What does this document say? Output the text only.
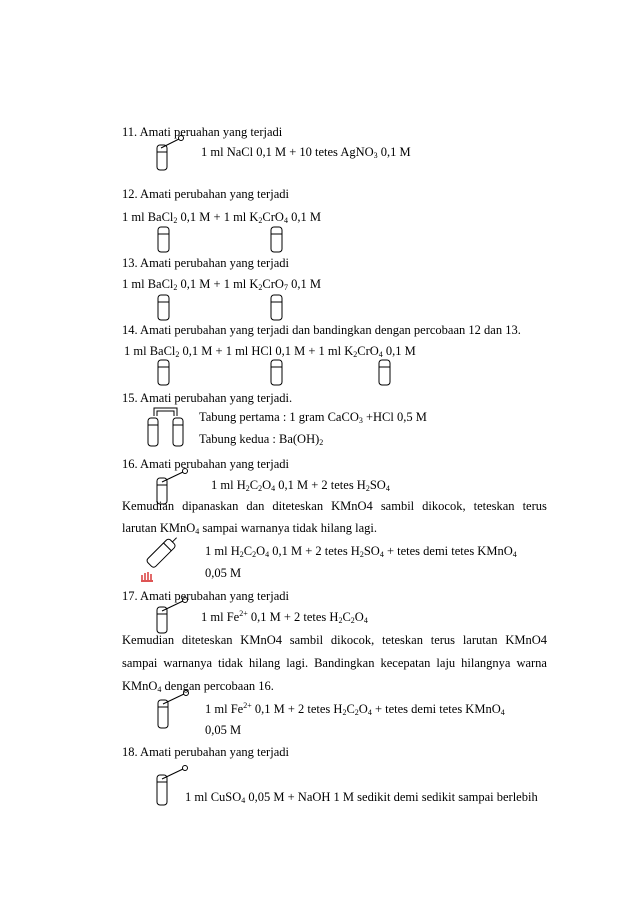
11. Amati peruahan yang terjadi
1 ml NaCl 0,1 M + 10 tetes AgNO$_3$ 0,1 M
12. Amati perubahan yang terjadi
1 ml BaCl$_2$ 0,1 M + 1 ml $K_2CrO_4$ 0,1 M
13. Amati perubahan yang terjadi
1 ml BaCl$_2$ 0,1 M + 1 ml $K_2CrO_7$ 0,1 M
14. Amati perubahan yang terjadi dan bandingkan dengan percobaan 12 dan 13.
1 ml BaCl$_2$ 0,1 M + 1 ml HCl 0,1 M + 1 ml $K_2CrO_4$ 0,1 M
15. Amati perubahan yang terjadi.
Tabung pertama : 1 gram CaCO$_3$ +HCl 0,5 M
Tabung kedua : $Ba(OH)_2$
16. Amati perubahan yang terjadi
1 ml $H_2C_2O_4$ 0,1 M + 2 tetes $H_2SO_4$
Kemudian dipanaskan dan diteteskan KMnO4 sambil dikocok, teteskan terus
larutan KMnO$_4$ sampai warnanya tidak hilang lagi.
1 ml $H_2C_2O_4$ 0,1 M + 2 tetes $H_2SO_4$ + tetes demi tetes KMnO$_4$
0,05 M
17. Amati perubahan yang terjadi
1 ml $Fe^{2+}$ 0,1 M + 2 tetes $H_2C_2O_4$
Kemudian diteteskan KMnO4 sambil dikocok, teteskan terus larutan KMnO4
sampai warnanya tidak hilang lagi. Bandingkan kecepatan laju hilangnya warna
KMnO$_4$ dengan percobaan 16.
1 ml $Fe^{2+}$ 0,1 M + 2 tetes $H_2C_2O_4$ + tetes demi tetes KMnO$_4$
0,05 M
18. Amati perubahan yang terjadi
1 ml CuSO$_4$ 0,05 M + NaOH 1 M sedikit demi sedikit sampai berlebih
